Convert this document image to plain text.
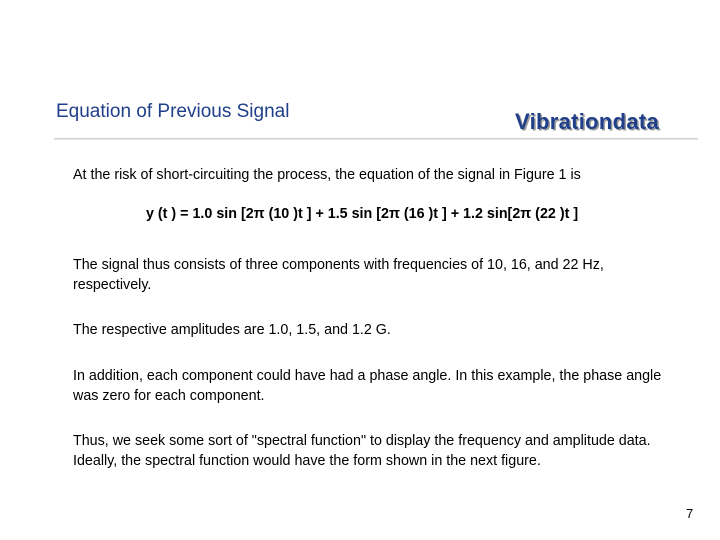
Equation of Previous Signal	Vibrationdata

At the risk of short-circuiting the process, the equation of the signal in Figure 1 is

y (t ) = 1.0 sin [2π (10 )t ] + 1.5 sin [2π (16 )t ] + 1.2 sin[2π (22 )t ]

The signal thus consists of three components with frequencies of 10, 16, and 22 Hz, respectively.

The respective amplitudes are 1.0, 1.5, and 1.2 G.

In addition, each component could have had a phase angle. In this example, the phase angle was zero for each component.

Thus, we seek some sort of "spectral function" to display the frequency and amplitude data. Ideally, the spectral function would have the form shown in the next figure.

7
